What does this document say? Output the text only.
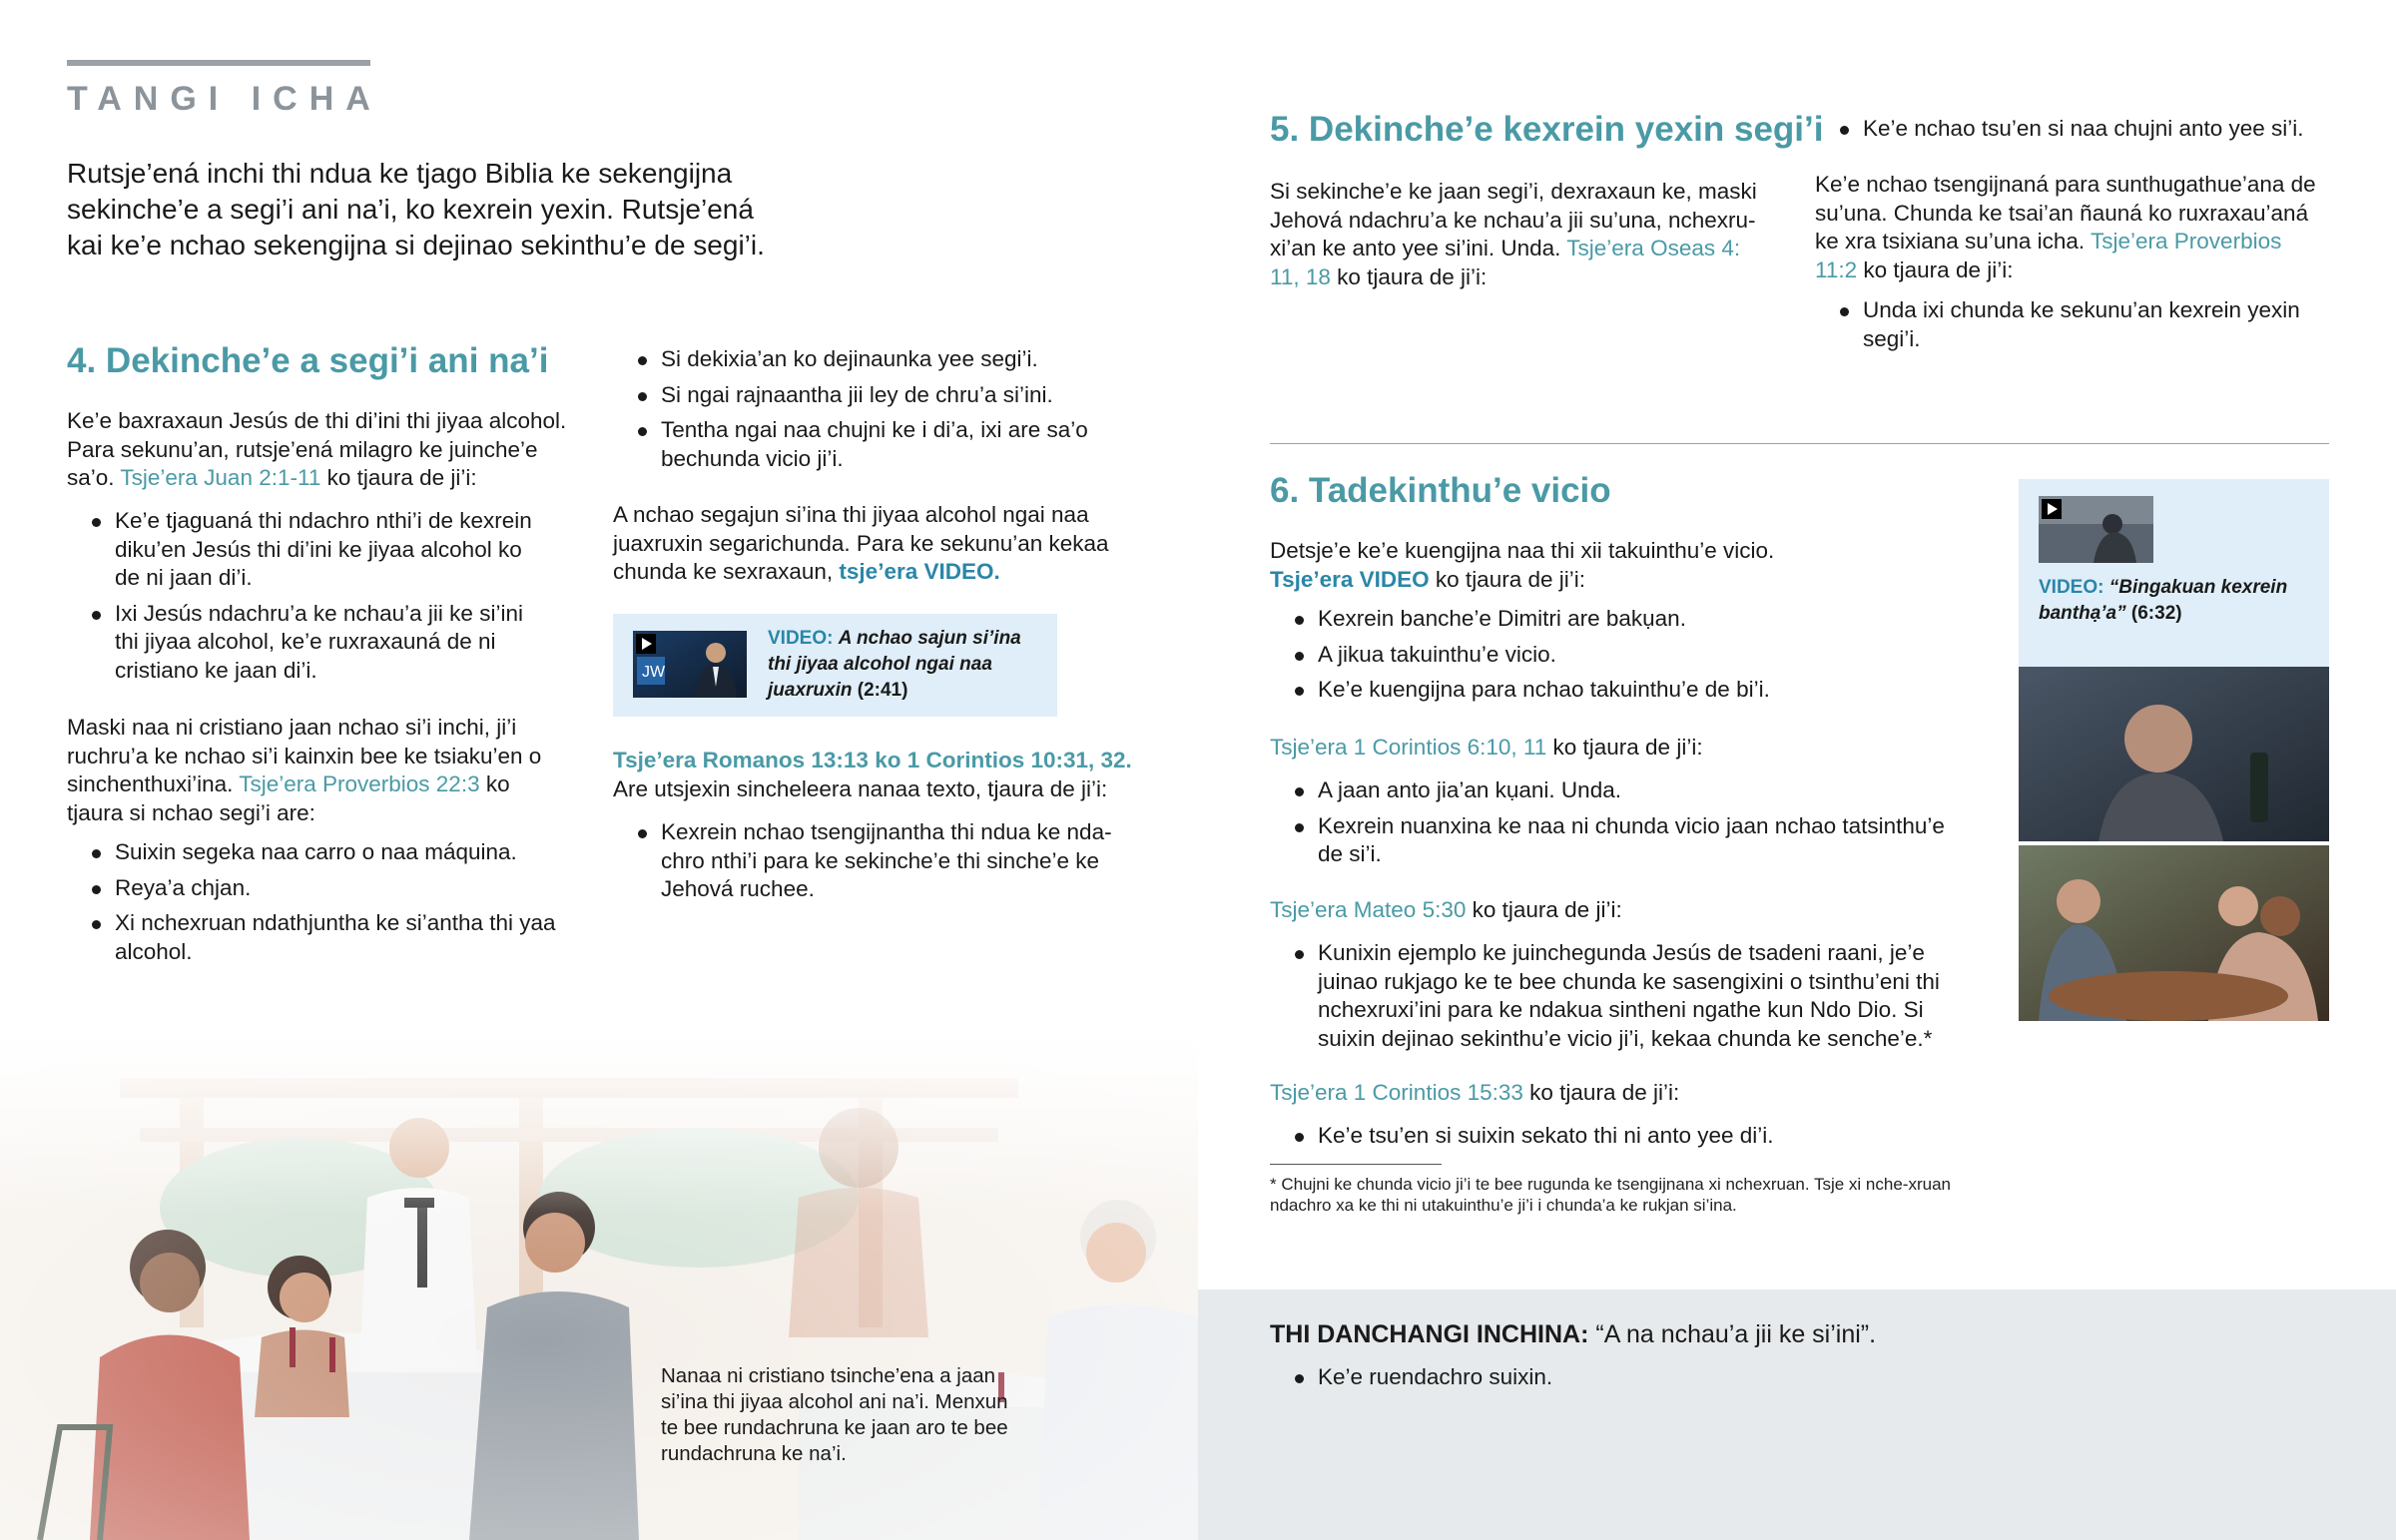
TANGI ICHA

Rutsje’ená inchi thi ndua ke tjago Biblia ke sekengijna sekinche’e a segi’i ani na’i, ko kexrein yexin. Rutsje’ená kai ke’e nchao sekengijna si dejinao sekinthu’e de segi’i.

4. Dekinche’e a segi’i ani na’i

Ke’e baxraxaun Jesús de thi di’ini thi jiyaa alcohol. Para sekunu’an, rutsje’ená milagro ke juinche’e sa’o. Tsje’era Juan 2:1-11 ko tjaura de ji’i:

Ke’e tjaguaná thi ndachro nthi’i de kexrein diku’en Jesús thi di’ini ke jiyaa alcohol ko de ni jaan di’i.
Ixi Jesús ndachru’a ke nchau’a jii ke si’ini thi jiyaa alcohol, ke’e ruxraxauná de ni cristiano ke jaan di’i.

Maski naa ni cristiano jaan nchao si’i inchi, ji’i ruchru’a ke nchao si’i kainxin bee ke tsiaku’en o sinchenthuxi’ina. Tsje’era Proverbios 22:3 ko tjaura si nchao segi’i are:

Suixin segeka naa carro o naa máquina.
Reya’a chjan.
Xi nchexruan ndathjuntha ke si’antha thi yaa alcohol.
Si dekixia’an ko dejinaunka yee segi’i.
Si ngai rajnaantha jii ley de chru’a si’ini.
Tentha ngai naa chujni ke i di’a, ixi are sa’o bechunda vicio ji’i.

A nchao segajun si’ina thi jiyaa alcohol ngai naa juaxruxin segarichunda. Para ke sekunu’an kekaa chunda ke sexraxaun, tsje’era VIDEO.

JW
VIDEO: A nchao sajun si’ina thi jiyaa alcohol ngai naa juaxruxin (2:41)

Tsje’era Romanos 13:13 ko 1 Corintios 10:31, 32.
Are utsjexin sincheleera nanaa texto, tjaura de ji’i:

Kexrein nchao tsengijnantha thi ndua ke nda-chro nthi’i para ke sekinche’e thi sinche’e ke Jehová ruchee.

Nanaa ni cristiano tsinche’ena a jaan si’ina thi jiyaa alcohol ani na’i. Menxun te bee rundachruna ke jaan aro te bee rundachruna ke na’i.

5. Dekinche’e kexrein yexin segi’i

Si sekinche’e ke jaan segi’i, dexraxaun ke, maski Jehová ndachru’a ke nchau’a jii su’una, nchexru-xi’an ke anto yee si’ini. Unda. Tsje’era Oseas 4: 11, 18 ko tjaura de ji’i:

Ke’e nchao tsu’en si naa chujni anto yee si’i.

Ke’e nchao tsengijnaná para sunthugathue’ana de su’una. Chunda ke tsai’an ñauná ko ruxraxau’aná ke xra tsixiana su’una icha. Tsje’era Proverbios 11:2 ko tjaura de ji’i:

Unda ixi chunda ke sekunu’an kexrein yexin segi’i.
6. Tadekinthu’e vicio

Detsje’e ke’e kuengijna naa thi xii takuinthu’e vicio.
Tsje’era VIDEO ko tjaura de ji’i:

Kexrein banche’e Dimitri are bakụan.
A jikua takuinthu’e vicio.
Ke’e kuengijna para nchao takuinthu’e de bi’i.

Tsje’era 1 Corintios 6:10, 11 ko tjaura de ji’i:

A jaan anto jia’an kụani. Unda.
Kexrein nuanxina ke naa ni chunda vicio jaan nchao tatsinthu’e de si’i.

Tsje’era Mateo 5:30 ko tjaura de ji’i:

Kunixin ejemplo ke juinchegunda Jesús de tsadeni raani, je’e juinao rukjago ke te bee chunda ke sasengixini o tsinthu’eni thi nchexruxi’ini para ke ndakua sintheni ngathe kun Ndo Dio. Si suixin dejinao sekinthu’e vicio ji’i, kekaa chunda ke senche’e.*

Tsje’era 1 Corintios 15:33 ko tjaura de ji’i:

Ke’e tsu’en si suixin sekato thi ni anto yee di’i.
VIDEO: “Bingakuan kexrein banthạ’a” (6:32)

* Chujni ke chunda vicio ji’i te bee rugunda ke tsengijnana xi nchexruan. Tsje xi nche-xruan ndachro xa ke thi ni utakuinthu’e ji’i i chunda’a ke rukjan si’ina.

THI DANCHANGI INCHINA: “A na nchau’a jii ke si’ini”.

Ke’e ruendachro suixin.
